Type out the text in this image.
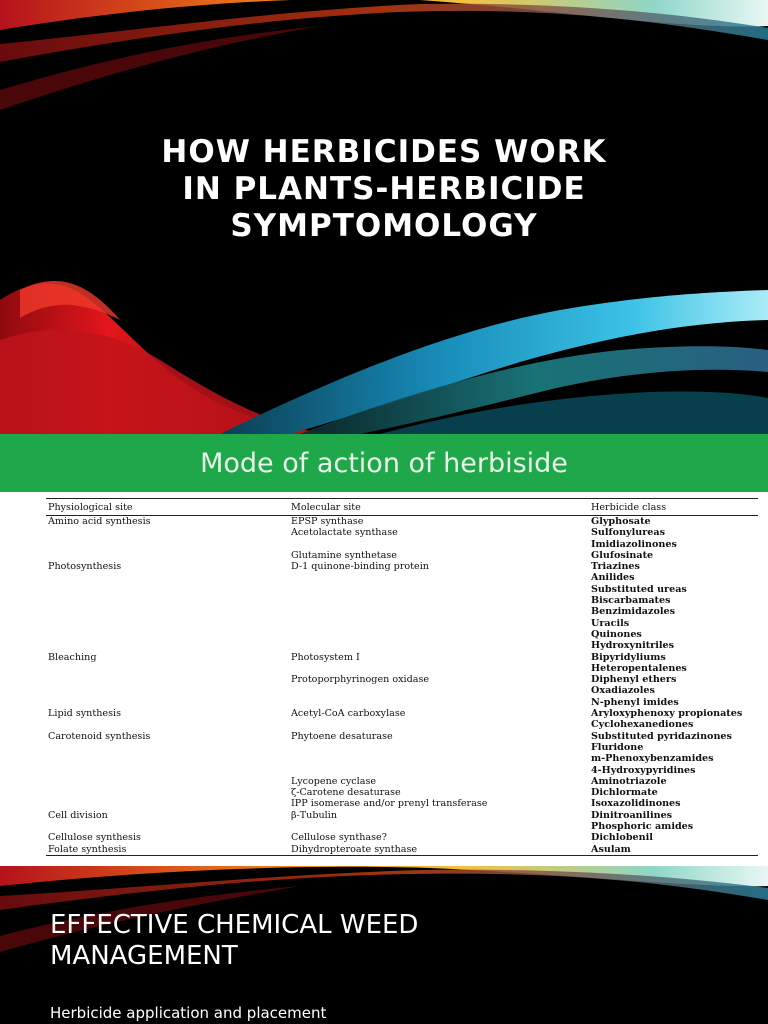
HOW HERBICIDES WORK
IN PLANTS-HERBICIDE
SYMPTOMOLOGY
Mode of action of herbiside
Physiological site	Molecular site	Herbicide class
Amino acid synthesis	EPSP synthase	Glyphosate
	Acetolactate synthase	Sulfonylureas
		Imidiazolinones
	Glutamine synthetase	Glufosinate
Photosynthesis	D-1 quinone-binding protein	Triazines
		Anilides
		Substituted ureas
		Biscarbamates
		Benzimidazoles
		Uracils
		Quinones
		Hydroxynitriles
Bleaching	Photosystem I	Bipyridyliums
		Heteropentalenes
	Protoporphyrinogen oxidase	Diphenyl ethers
		Oxadiazoles
		N-phenyl imides
Lipid synthesis	Acetyl-CoA carboxylase	Aryloxyphenoxy propionates
		Cyclohexanediones
Carotenoid synthesis	Phytoene desaturase	Substituted pyridazinones
		Fluridone
		m-Phenoxybenzamides
		4-Hydroxypyridines
	Lycopene cyclase	Aminotriazole
	ζ-Carotene desaturase	Dichlormate
	IPP isomerase and/or prenyl transferase	Isoxazolidinones
Cell division	β-Tubulin	Dinitroanilines
		Phosphoric amides
Cellulose synthesis	Cellulose synthase?	Dichlobenil
Folate synthesis	Dihydropteroate synthase	Asulam
EFFECTIVE CHEMICAL WEED
MANAGEMENT
Herbicide application and placement
